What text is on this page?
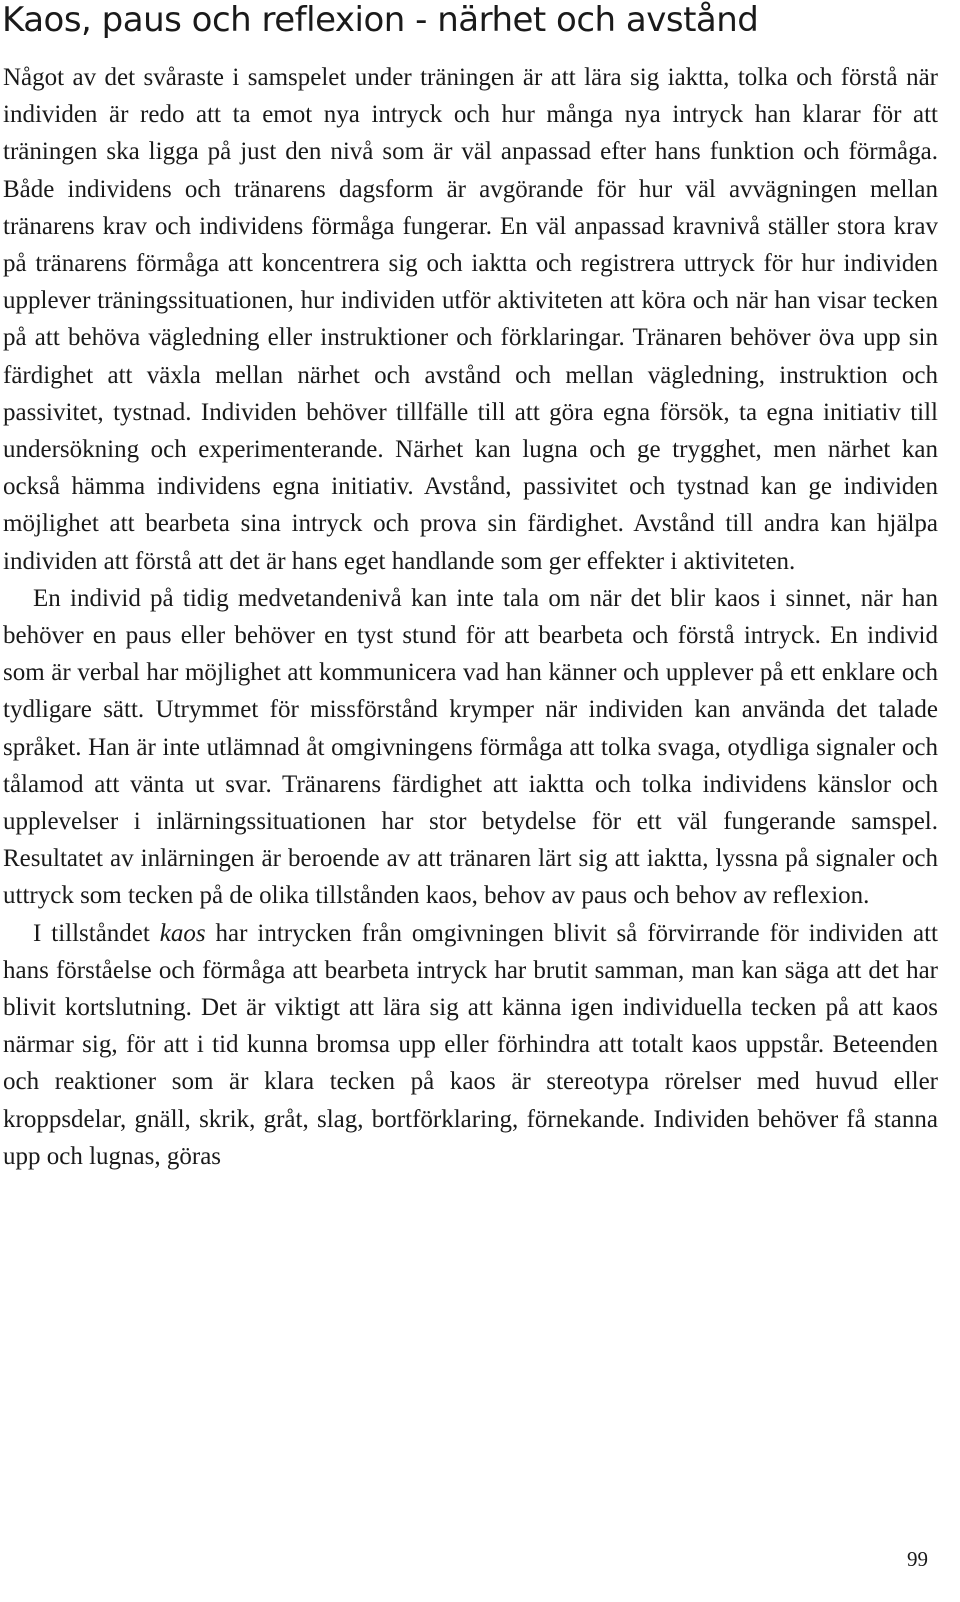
Kaos, paus och reflexion - närhet och avstånd

Något av det svåraste i samspelet under träningen är att lära sig iaktta, tolka och förstå när individen är redo att ta emot nya intryck och hur många nya intryck han klarar för att träningen ska ligga på just den nivå som är väl anpassad efter hans funktion och förmåga. Både individens och tränarens dagsform är avgörande för hur väl avvägningen mellan tränarens krav och individens förmåga fungerar. En väl anpassad kravnivå ställer stora krav på tränarens förmåga att koncentrera sig och iaktta och registrera uttryck för hur individen upplever träningssituationen, hur individen utför aktiviteten att köra och när han visar tecken på att behöva vägledning eller instruktioner och förklaringar. Tränaren behöver öva upp sin färdighet att växla mellan närhet och avstånd och mellan vägledning, instruktion och passivitet, tystnad. Individen behöver tillfälle till att göra egna försök, ta egna initiativ till undersökning och experimenterande. Närhet kan lugna och ge trygghet, men närhet kan också hämma individens egna initiativ. Avstånd, passivitet och tystnad kan ge individen möjlighet att bearbeta sina intryck och prova sin färdighet. Avstånd till andra kan hjälpa individen att förstå att det är hans eget handlande som ger effekter i aktiviteten.

En individ på tidig medvetandenivå kan inte tala om när det blir kaos i sinnet, när han behöver en paus eller behöver en tyst stund för att bearbeta och förstå intryck. En individ som är verbal har möjlighet att kommunicera vad han känner och upplever på ett enklare och tydligare sätt. Utrymmet för missförstånd krymper när individen kan använda det talade språket. Han är inte utlämnad åt omgivningens förmåga att tolka svaga, otydliga signaler och tålamod att vänta ut svar. Tränarens färdighet att iaktta och tolka individens känslor och upplevelser i inlärningssituationen har stor betydelse för ett väl fungerande samspel. Resultatet av inlärningen är beroende av att tränaren lärt sig att iaktta, lyssna på signaler och uttryck som tecken på de olika tillstånden kaos, behov av paus och behov av reflexion.

I tillståndet kaos har intrycken från omgivningen blivit så förvirrande för individen att hans förståelse och förmåga att bearbeta intryck har brutit samman, man kan säga att det har blivit kortslutning. Det är viktigt att lära sig att känna igen individuella tecken på att kaos närmar sig, för att i tid kunna bromsa upp eller förhindra att totalt kaos uppstår. Beteenden och reaktioner som är klara tecken på kaos är stereotypa rörelser med huvud eller kroppsdelar, gnäll, skrik, gråt, slag, bortförklaring, förnekande. Individen behöver få stanna upp och lugnas, göras

99
